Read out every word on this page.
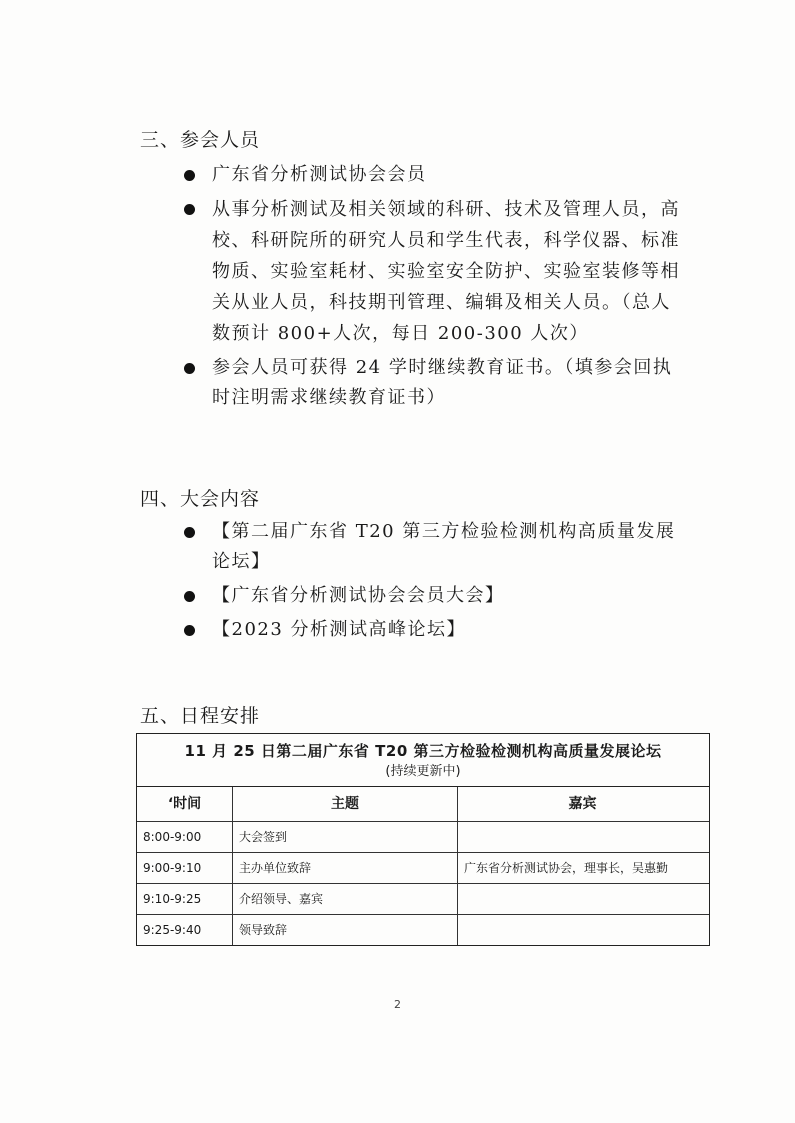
三、参会人员
广东省分析测试协会会员
从事分析测试及相关领域的科研、技术及管理人员，高校、科研院所的研究人员和学生代表，科学仪器、标准物质、实验室耗材、实验室安全防护、实验室装修等相关从业人员，科技期刊管理、编辑及相关人员。（总人数预计 800+人次，每日 200-300 人次）
参会人员可获得 24 学时继续教育证书。（填参会回执时注明需求继续教育证书）
四、大会内容
【第二届广东省 T20 第三方检验检测机构高质量发展论坛】
【广东省分析测试协会会员大会】
【2023 分析测试高峰论坛】
五、日程安排
11 月 25 日第二届广东省 T20 第三方检验检测机构高质量发展论坛
(持续更新中)
‘时间	主题	嘉宾
8:00-9:00	大会签到
9:00-9:10	主办单位致辞	广东省分析测试协会，理事长，吴惠勤
9:10-9:25	介绍领导、嘉宾
9:25-9:40	领导致辞
2
